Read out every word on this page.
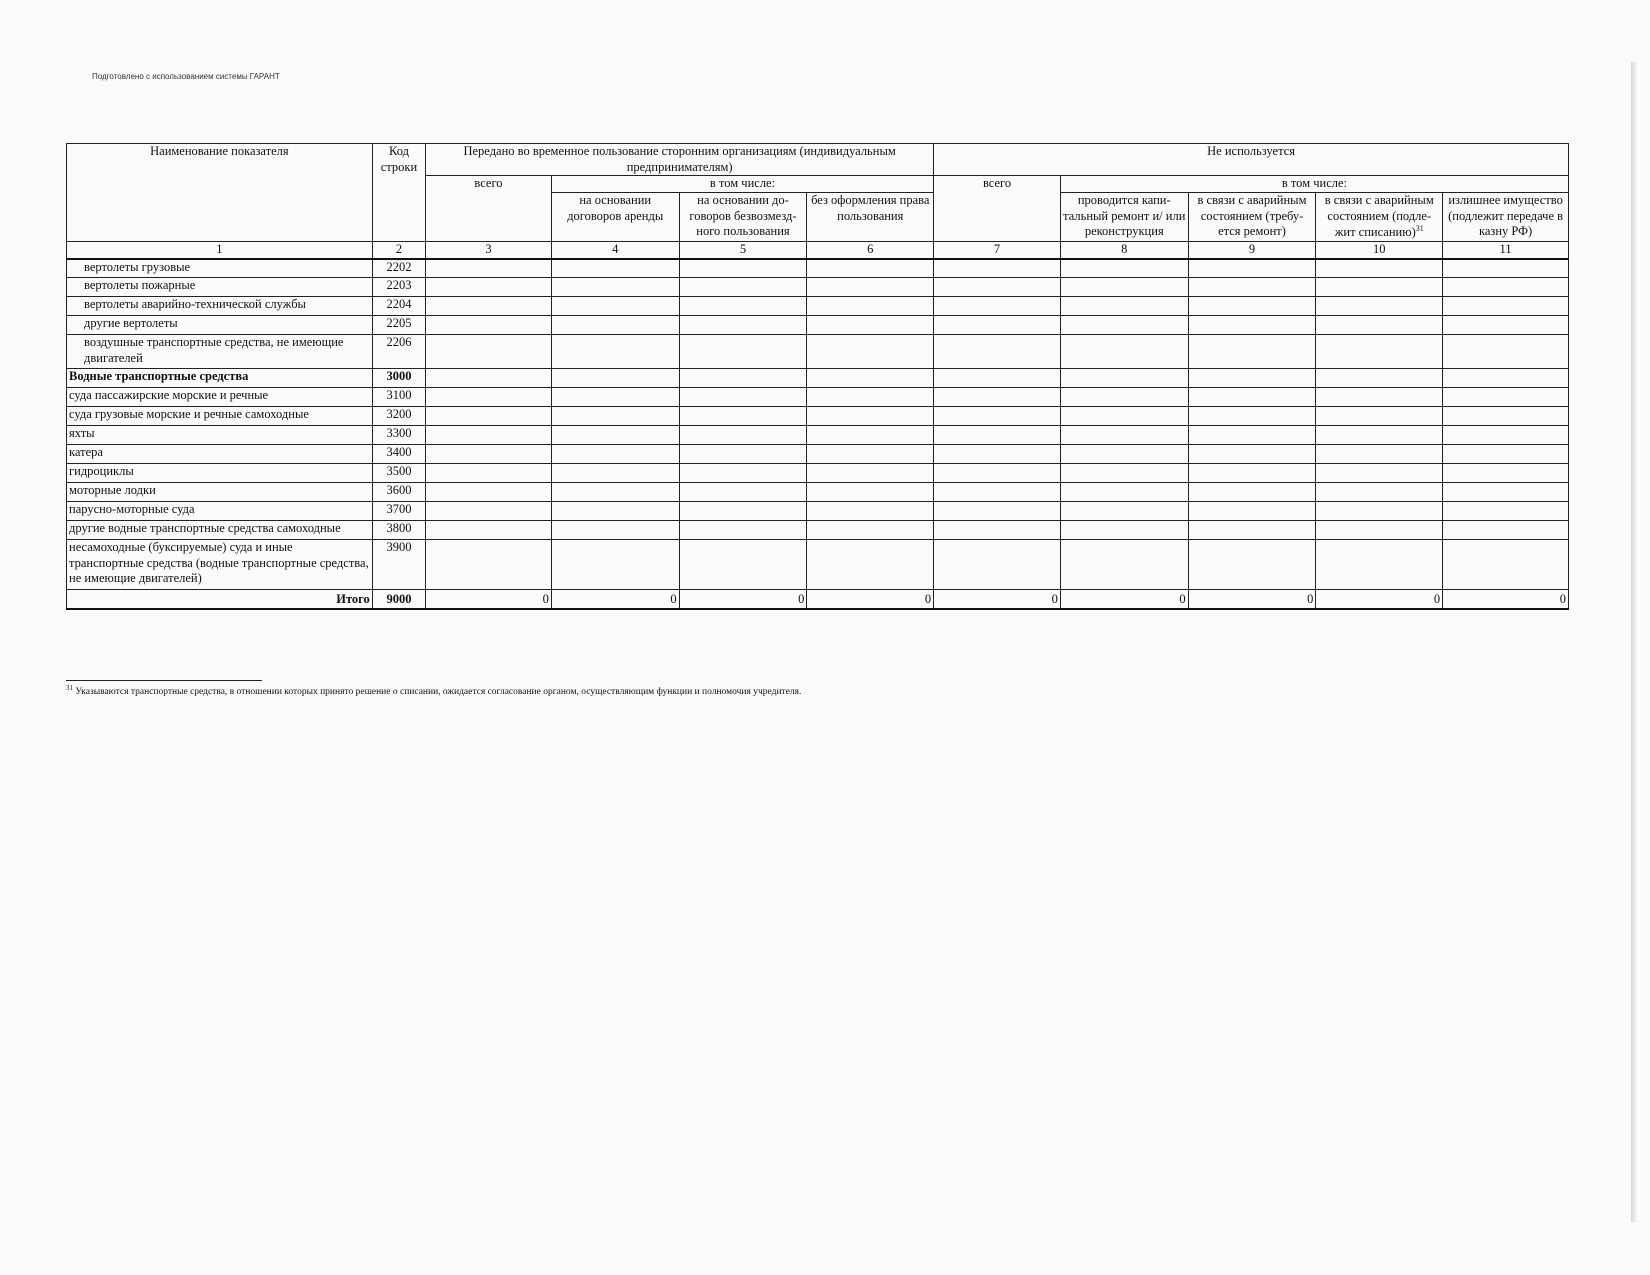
Подготовлено с использованием системы ГАРАНТ
Наименование показателя	Код строки	Передано во временное пользование сторонним организациям (индивидуальным предпринимателям)				Не используется				
		всего	в том числе:			всего	в том числе:			
			на основании договоров аренды	на основании до-говоров безвозмезд-ного пользования	без оформления права пользования		проводится капи-тальный ремонт и/ или реконструкция	в связи с аварийным состоянием (требу-ется ремонт)	в связи с аварийным состоянием (подле-жит списанию)$^{31}$	излишнее имущество (подлежит передаче в казну РФ)
1	2	3	4	5	6	7	8	9	10	11
вертолеты грузовые	2202									
вертолеты пожарные	2203									
вертолеты аварийно-технической службы	2204									
другие вертолеты	2205									
воздушные транспортные средства, не имеющие двигателей	2206									
Водные транспортные средства	3000									
суда пассажирские морские и речные	3100									
суда грузовые морские и речные самоходные	3200									
яхты	3300									
катера	3400									
гидроциклы	3500									
моторные лодки	3600									
парусно-моторные суда	3700									
другие водные транспортные средства самоходные	3800									
несамоходные (буксируемые) суда и иные транспортные средства (водные транспортные средства, не имеющие двигателей)	3900									
Итого	9000	0	0	0	0	0	0	0	0	0
$^{31}$ Указываются транспортные средства, в отношении которых принято решение о списании, ожидается согласование органом, осуществляющим функции и полномочия учредителя.
